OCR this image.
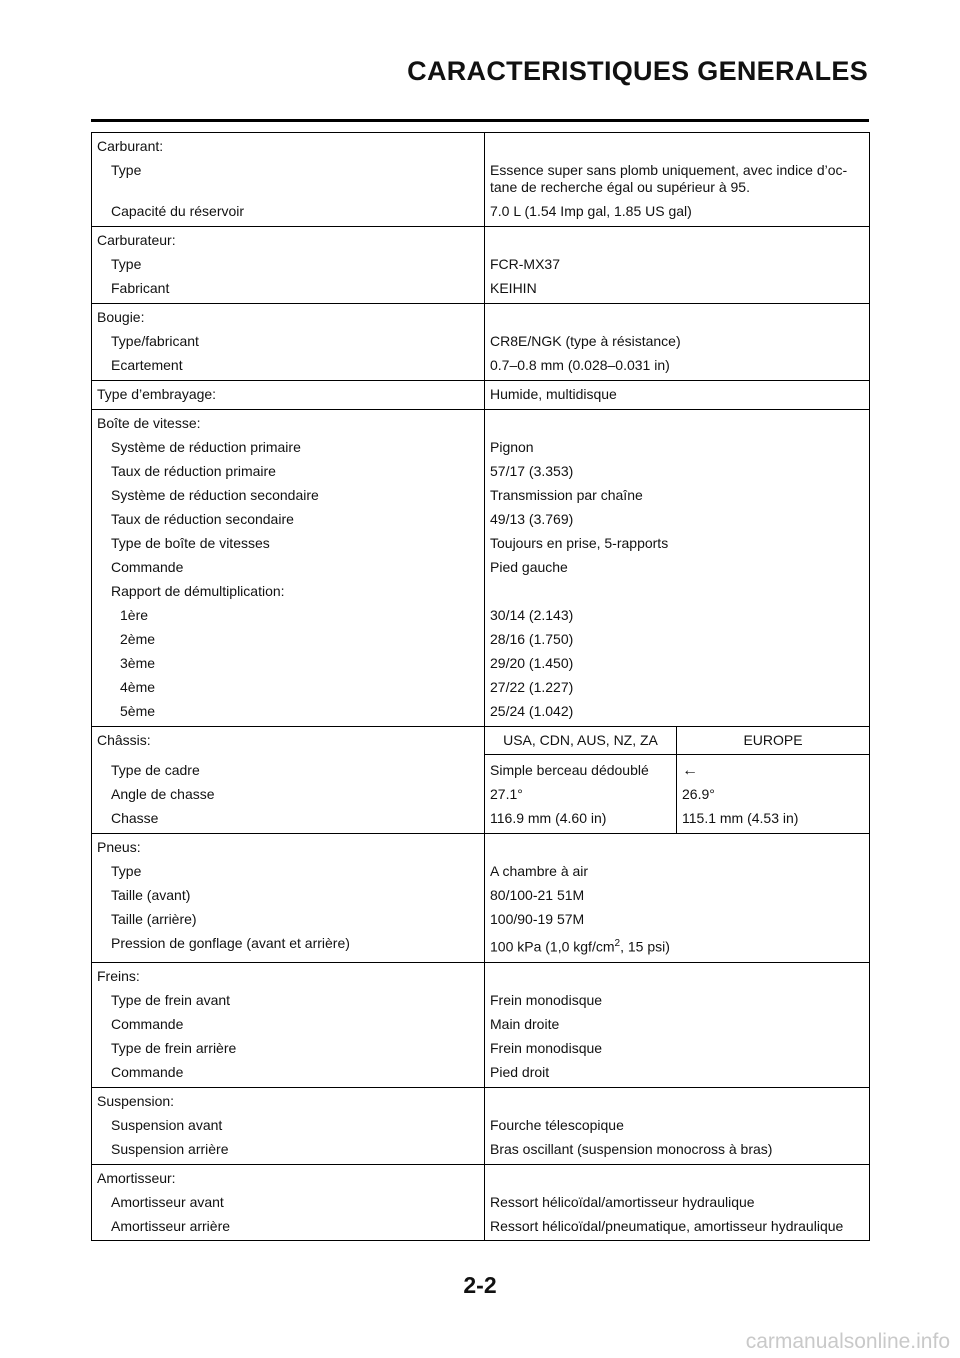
CARACTERISTIQUES GENERALES
Carburant:		
Type	Essence super sans plomb uniquement, avec indice d’oc- tane de recherche égal ou supérieur à 95.	
Capacité du réservoir	7.0 L (1.54 Imp gal, 1.85 US gal)	
Carburateur:		
Type	FCR-MX37	
Fabricant	KEIHIN	
Bougie:		
Type/fabricant	CR8E/NGK (type à résistance)	
Ecartement	0.7–0.8 mm (0.028–0.031 in)	
Type d’embrayage:	Humide, multidisque	
Boîte de vitesse:		
Système de réduction primaire	Pignon	
Taux de réduction primaire	57/17 (3.353)	
Système de réduction secondaire	Transmission par chaîne	
Taux de réduction secondaire	49/13 (3.769)	
Type de boîte de vitesses	Toujours en prise, 5-rapports	
Commande	Pied gauche	
Rapport de démultiplication:		
1ère	30/14 (2.143)	
2ème	28/16 (1.750)	
3ème	29/20 (1.450)	
4ème	27/22 (1.227)	
5ème	25/24 (1.042)	
Châssis:	USA, CDN, AUS, NZ, ZA	EUROPE
Type de cadre	Simple berceau dédoublé	←
Angle de chasse	27.1°	26.9°
Chasse	116.9 mm (4.60 in)	115.1 mm (4.53 in)
Pneus:		
Type	A chambre à air	
Taille (avant)	80/100-21 51M	
Taille (arrière)	100/90-19 57M	
Pression de gonflage (avant et arrière)	100 kPa (1,0 kgf/$cm^2$, 15 psi)	
Freins:		
Type de frein avant	Frein monodisque	
Commande	Main droite	
Type de frein arrière	Frein monodisque	
Commande	Pied droit	
Suspension:		
Suspension avant	Fourche télescopique	
Suspension arrière	Bras oscillant (suspension monocross à bras)	
Amortisseur:		
Amortisseur avant	Ressort hélicoïdal/amortisseur hydraulique	
Amortisseur arrière	Ressort hélicoïdal/pneumatique, amortisseur hydraulique	

2-2

carmanualsonline.info
